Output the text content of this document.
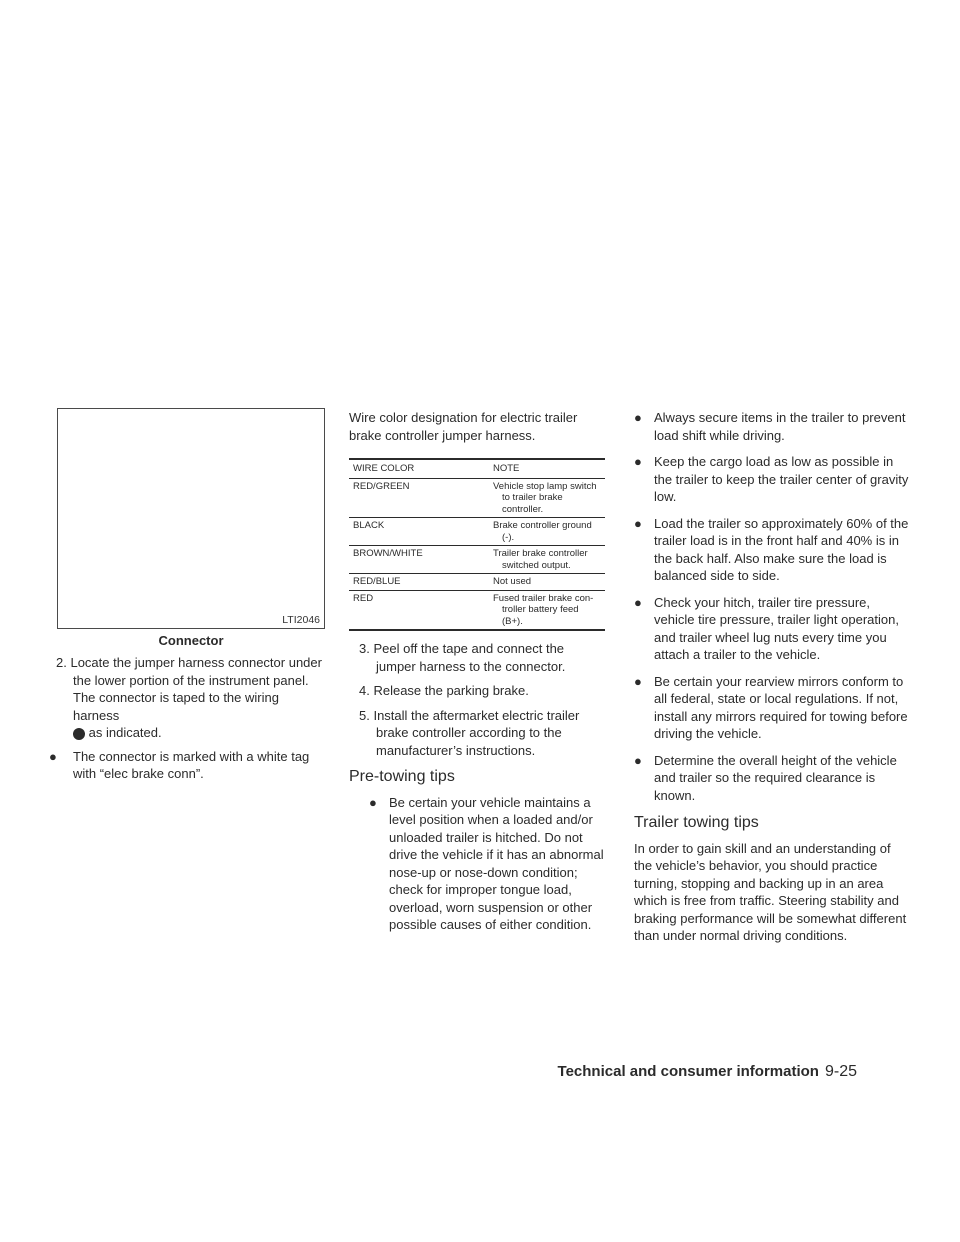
LTI2046
Connector
2. Locate the jumper harness connector under the lower portion of the instrument panel. The connector is taped to the wiring harness
1 as indicated.
● The connector is marked with a white tag with “elec brake conn”.
Wire color designation for electric trailer brake controller jumper harness.
WIRE COLOR	NOTE
RED/GREEN	Vehicle stop lamp switch
to trailer brake controller.

BLACK	Brake controller ground
(-).

BROWN/WHITE	Trailer brake controller
switched output.

RED/BLUE	Not used
RED	Fused trailer brake con-
troller battery feed (B+).
3. Peel off the tape and connect the jumper harness to the connector.
4. Release the parking brake.
5. Install the aftermarket electric trailer brake controller according to the manufacturer’s instructions.
Pre-towing tips
● Be certain your vehicle maintains a level position when a loaded and/or unloaded trailer is hitched. Do not drive the vehicle if it has an abnormal nose-up or nose-down condition; check for improper tongue load, overload, worn suspension or other possible causes of either condition.
● Always secure items in the trailer to prevent load shift while driving.
● Keep the cargo load as low as possible in the trailer to keep the trailer center of gravity low.
● Load the trailer so approximately 60% of the trailer load is in the front half and 40% is in the back half. Also make sure the load is balanced side to side.
● Check your hitch, trailer tire pressure, vehicle tire pressure, trailer light operation, and trailer wheel lug nuts every time you attach a trailer to the vehicle.
● Be certain your rearview mirrors conform to all federal, state or local regulations. If not, install any mirrors required for towing before driving the vehicle.
● Determine the overall height of the vehicle and trailer so the required clearance is known.
Trailer towing tips
In order to gain skill and an understanding of the vehicle’s behavior, you should practice turning, stopping and backing up in an area which is free from traffic. Steering stability and braking performance will be somewhat different than under normal driving conditions.
Technical and consumer information 9-25
